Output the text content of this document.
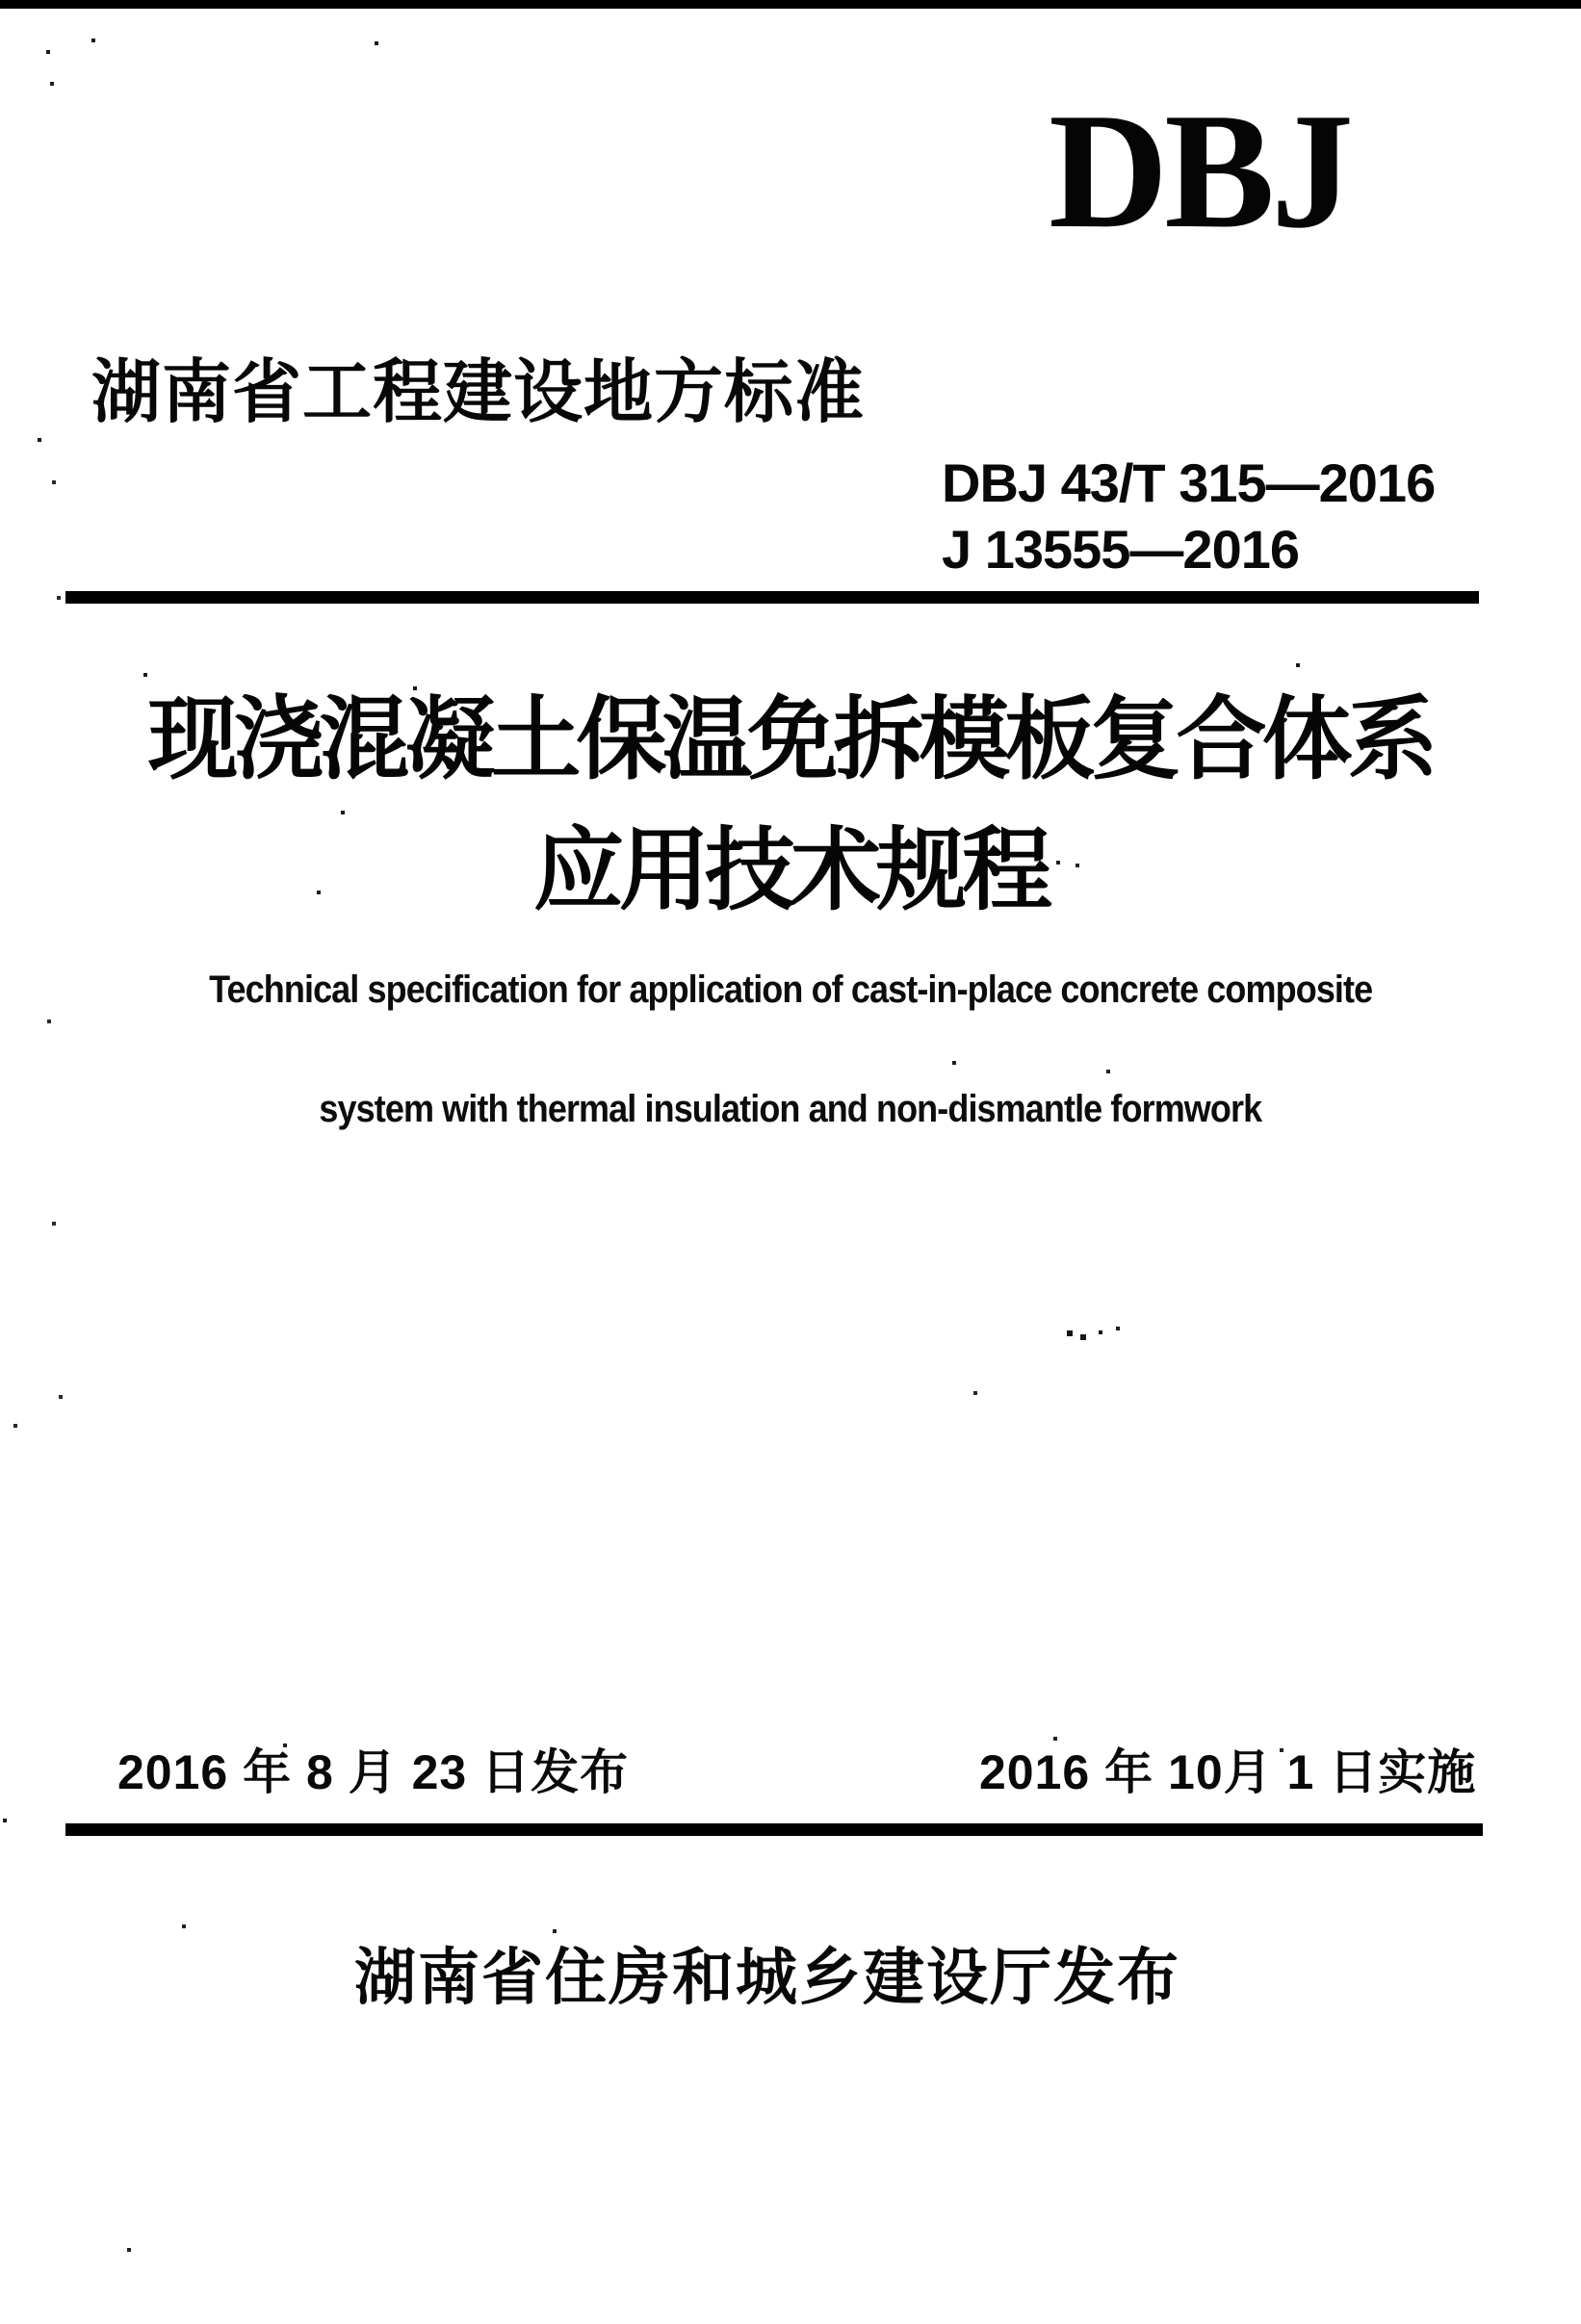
DBJ
湖南省工程建设地方标准
DBJ 43/T 315—2016
J 13555—2016
现浇混凝土保温免拆模板复合体系
应用技术规程
Technical specification for application of cast-in-place concrete composite
system with thermal insulation and non-dismantle formwork
2016 年 8 月 23 日发布	2016 年 10月 1 日实施
湖南省住房和城乡建设厅发布
